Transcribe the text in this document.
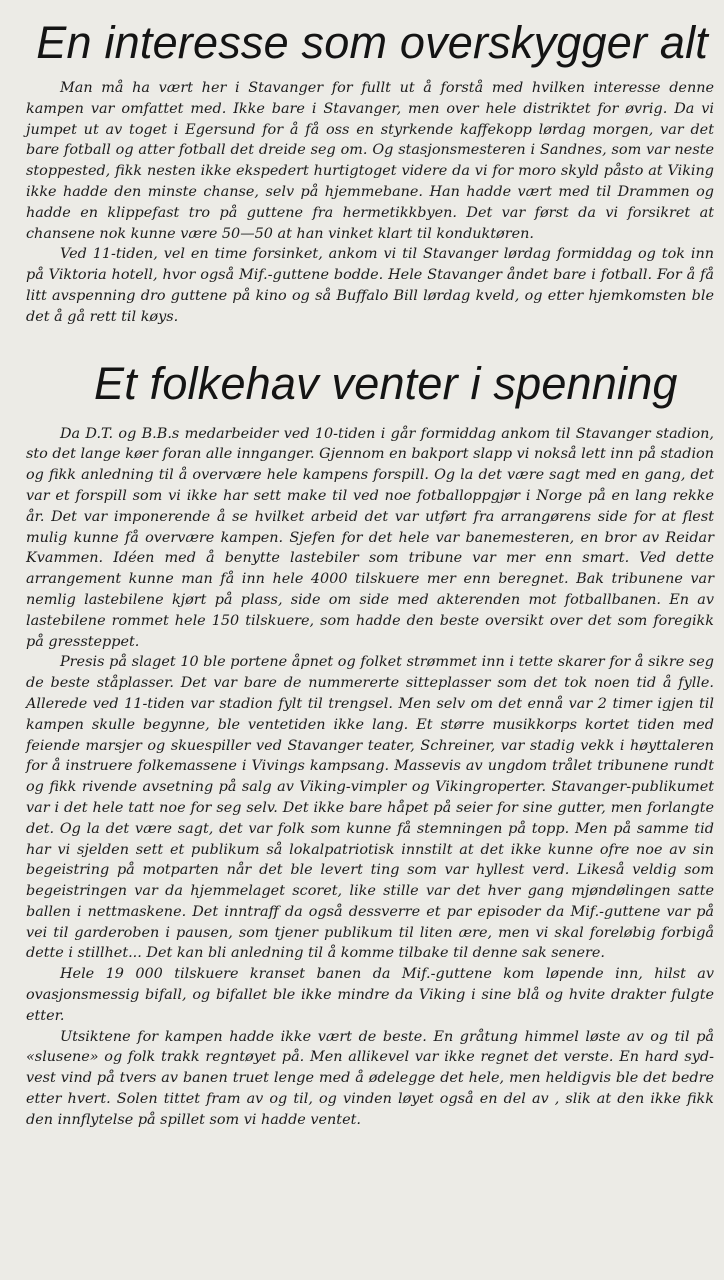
En interesse som overskygger alt

Man må ha vært her i Stavanger for fullt ut å forstå med hvilken interesse denne kampen var omfattet med. Ikke bare i Stavanger, men over hele distriktet for øvrig. Da vi jumpet ut av toget i Egersund for å få oss en styrkende kaffekopp lørdag morgen, var det bare fotball og atter fotball det dreide seg om. Og stasjonsmesteren i Sandnes, som var neste stoppested, fikk nesten ikke ekspedert hurtigtoget videre da vi for moro skyld påsto at Viking ikke hadde den minste chanse, selv på hjemmebane. Han hadde vært med til Drammen og hadde en klippefast tro på guttene fra hermetikkbyen. Det var først da vi forsikret at chansene nok kunne være 50—50 at han vinket klart til konduktøren.

Ved 11-tiden, vel en time forsinket, ankom vi til Stavanger lørdag formiddag og tok inn på Viktoria hotell, hvor også Mif.-guttene bodde. Hele Stavanger åndet bare i fotball. For å få litt avspenning dro guttene på kino og så Buffalo Bill lørdag kveld, og etter hjemkomsten ble det å gå rett til køys.

Et folkehav venter i spenning

Da D.T. og B.B.s medarbeider ved 10-tiden i går formiddag ankom til Stavanger stadion, sto det lange køer foran alle innganger. Gjennom en bakport slapp vi nokså lett inn på stadion og fikk anledning til å overvære hele kampens forspill. Og la det være sagt med en gang, det var et forspill som vi ikke har sett make til ved noe fotballoppgjør i Norge på en lang rekke år. Det var imponerende å se hvilket arbeid det var utført fra arrangørens side for at flest mulig kunne få overvære kampen. Sjefen for det hele var banemesteren, en bror av Reidar Kvammen. Idéen med å benytte lastebiler som tribune var mer enn smart. Ved dette arrangement kunne man få inn hele 4000 tilskuere mer enn beregnet. Bak tribunene var nemlig lastebilene kjørt på plass, side om side med akterenden mot fotballbanen. En av lastebilene rommet hele 150 tilskuere, som hadde den beste oversikt over det som foregikk på gressteppet.

Presis på slaget 10 ble portene åpnet og folket strømmet inn i tette skarer for å sikre seg de beste ståplasser. Det var bare de nummererte sitteplasser som det tok noen tid å fylle. Allerede ved 11-tiden var stadion fylt til trengsel. Men selv om det ennå var 2 timer igjen til kampen skulle begynne, ble ventetiden ikke lang. Et større musikkorps kortet tiden med feiende marsjer og skuespiller ved Stavanger teater, Schreiner, var stadig vekk i høyttaleren for å instruere folkemassene i Vivings kampsang. Massevis av ungdom trålet tribunene rundt og fikk rivende avsetning på salg av Viking-vimpler og Vikingroperter. Stavanger-publikumet var i det hele tatt noe for seg selv. Det ikke bare håpet på seier for sine gutter, men forlangte det. Og la det være sagt, det var folk som kunne få stemningen på topp. Men på samme tid har vi sjelden sett et publikum så lokalpatriotisk innstilt at det ikke kunne ofre noe av sin begeistring på motparten når det ble levert ting som var hyllest verd. Likeså veldig som begeistringen var da hjemmelaget scoret, like stille var det hver gang mjøndølingen satte ballen i nettmaskene. Det inntraff da også dessverre et par episoder da Mif.-guttene var på vei til garderoben i pausen, som tjener publikum til liten ære, men vi skal foreløbig forbigå dette i stillhet... Det kan bli anledning til å komme tilbake til denne sak senere.

Hele 19 000 tilskuere kranset banen da Mif.-guttene kom løpende inn, hilst av ovasjonsmessig bifall, og bifallet ble ikke mindre da Viking i sine blå og hvite drakter fulgte etter.

Utsiktene for kampen hadde ikke vært de beste. En gråtung himmel løste av og til på «slusene» og folk trakk regntøyet på. Men allikevel var ikke regnet det verste. En hard syd-vest vind på tvers av banen truet lenge med å ødelegge det hele, men heldigvis ble det bedre etter hvert. Solen tittet fram av og til, og vinden løyet også en del av , slik at den ikke fikk den innflytelse på spillet som vi hadde ventet.
